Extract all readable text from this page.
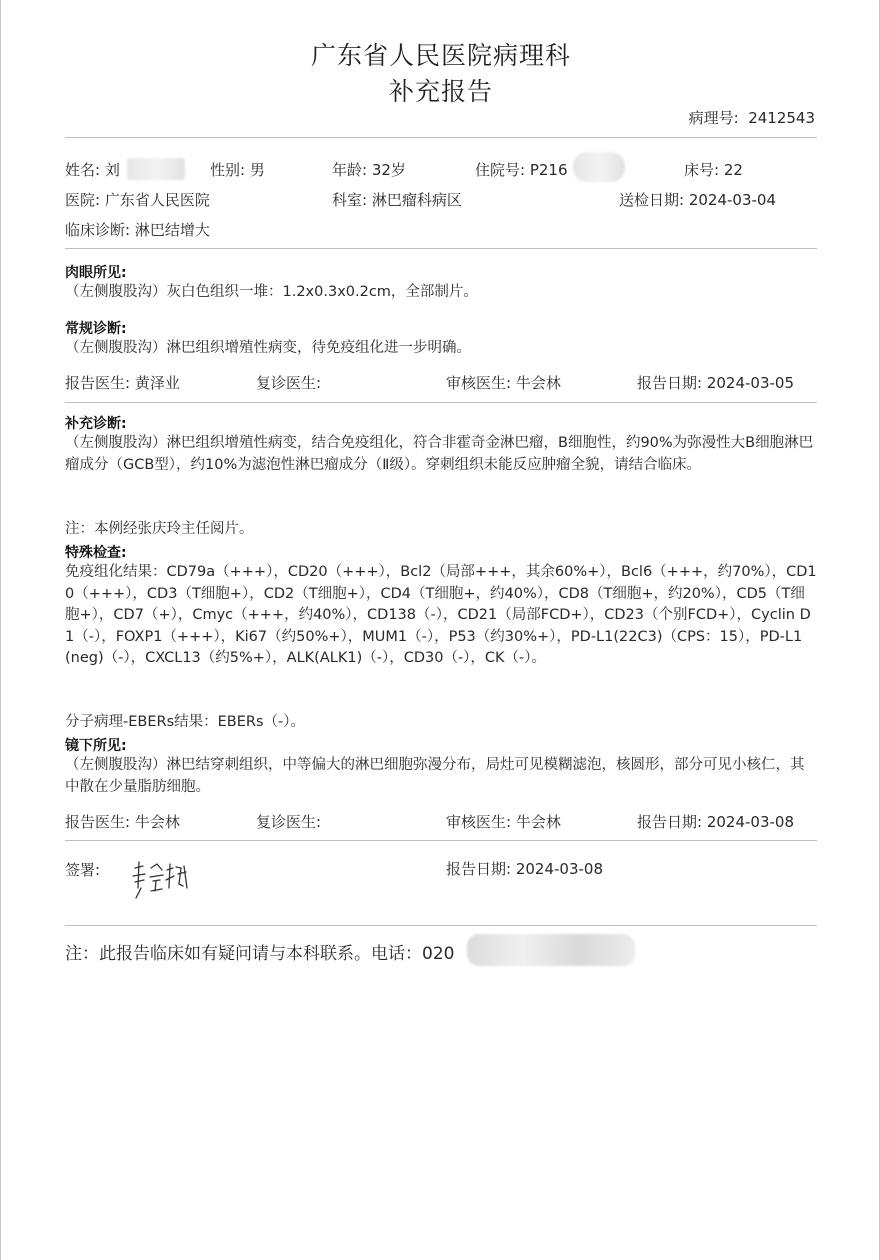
广东省人民医院病理科
补充报告
病理号: 2412543
姓名: 刘	性别: 男	年龄: 32岁	住院号: P216	床号: 22
医院: 广东省人民医院	科室: 淋巴瘤科病区	送检日期: 2024-03-04
临床诊断: 淋巴结增大
肉眼所见:
（左侧腹股沟）灰白色组织一堆：1.2x0.3x0.2cm，全部制片。
常规诊断:
（左侧腹股沟）淋巴组织增殖性病变，待免疫组化进一步明确。
报告医生: 黄泽业	复诊医生:	审核医生: 牛会林	报告日期: 2024-03-05
补充诊断:
（左侧腹股沟）淋巴组织增殖性病变，结合免疫组化，符合非霍奇金淋巴瘤，B细胞性，约90%为弥漫性大B细胞淋巴瘤成分（GCB型），约10%为滤泡性淋巴瘤成分（Ⅱ级）。穿刺组织未能反应肿瘤全貌，请结合临床。
注：本例经张庆玲主任阅片。
特殊检查:
免疫组化结果：CD79a（+++），CD20（+++），Bcl2（局部+++，其余60%+），Bcl6（+++，约70%），CD10（+++），CD3（T细胞+），CD2（T细胞+），CD4（T细胞+，约40%），CD8（T细胞+，约20%），CD5（T细胞+），CD7（+），Cmyc（+++，约40%），CD138（-），CD21（局部FCD+），CD23（个别FCD+），Cyclin D1（-），FOXP1（+++），Ki67（约50%+），MUM1（-），P53（约30%+），PD-L1(22C3)（CPS：15），PD-L1(neg)（-），CXCL13（约5%+），ALK(ALK1)（-），CD30（-），CK（-）。
分子病理-EBERs结果：EBERs（-）。
镜下所见:
（左侧腹股沟）淋巴结穿刺组织，中等偏大的淋巴细胞弥漫分布，局灶可见模糊滤泡，核圆形，部分可见小核仁，其中散在少量脂肪细胞。
报告医生: 牛会林	复诊医生:	审核医生: 牛会林	报告日期: 2024-03-08
签署:	报告日期: 2024-03-08
注：此报告临床如有疑问请与本科联系。电话：020
